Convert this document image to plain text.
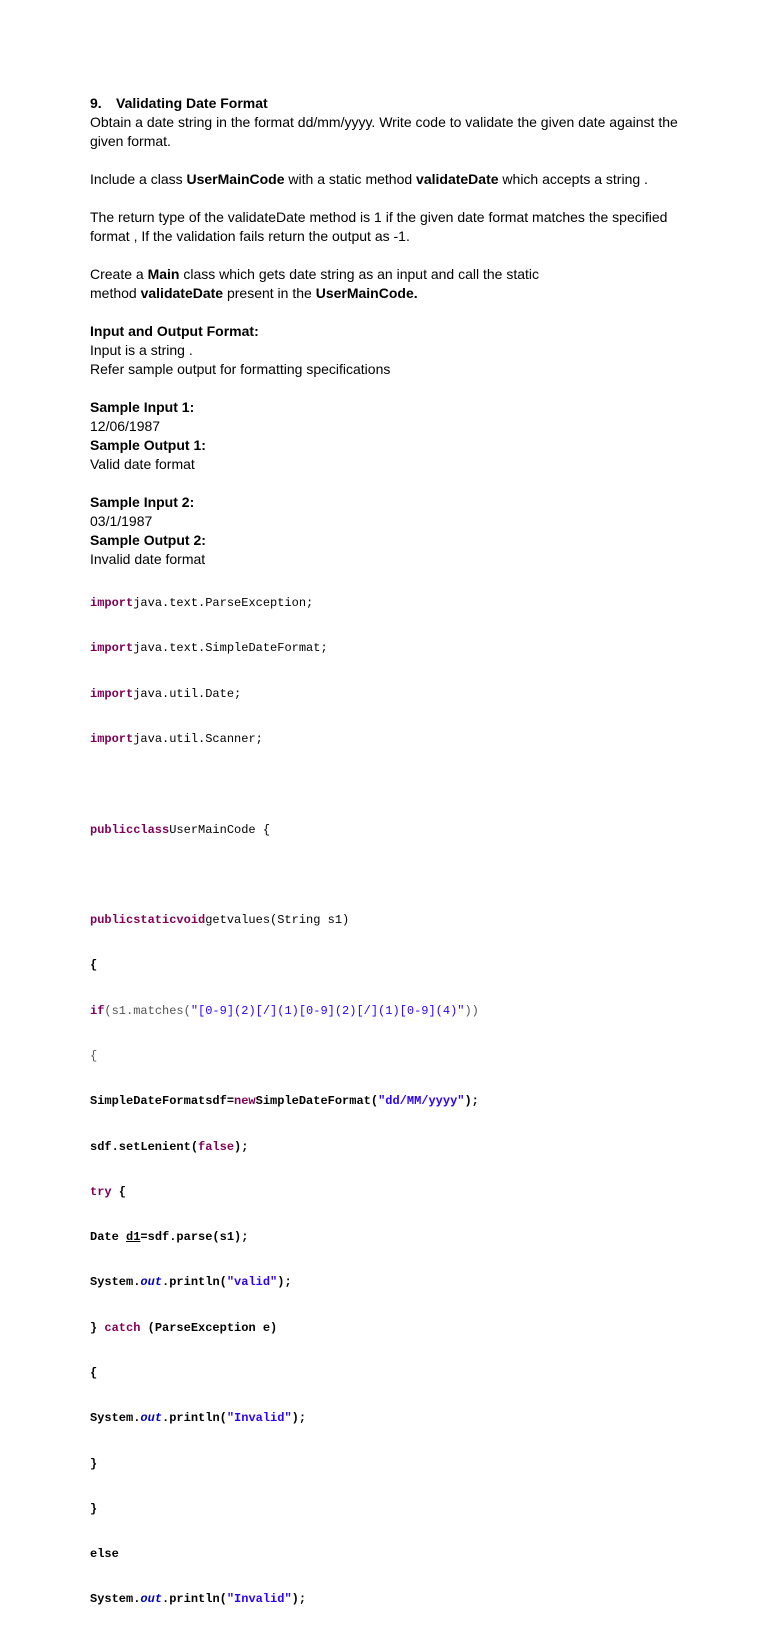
9. Validating Date Format

Obtain a date string in the format dd/mm/yyyy. Write code to validate the given date against the given format.

Include a class UserMainCode with a static method validateDate which accepts a string .

The return type of the validateDate method is 1 if the given date format matches the specified format , If the validation fails return the output as -1.

Create a Main class which gets date string as an input and call the static

method validateDate present in the UserMainCode.

Input and Output Format:

Input is a string .

Refer sample output for formatting specifications

Sample Input 1:

12/06/1987

Sample Output 1:

Valid date format

Sample Input 2:

03/1/1987

Sample Output 2:

Invalid date format

importjava.text.ParseException;

importjava.text.SimpleDateFormat;

importjava.util.Date;

importjava.util.Scanner;

publicclassUserMainCode {

publicstaticvoidgetvalues(String s1)

{

if(s1.matches("[0-9](2)[/](1)[0-9](2)[/](1)[0-9](4)"))

{

SimpleDateFormatsdf=newSimpleDateFormat("dd/MM/yyyy");

sdf.setLenient(false);

try {

Date d1=sdf.parse(s1);

System.out.println("valid");

} catch (ParseException e)

{

System.out.println("Invalid");

}

}

else

System.out.println("Invalid");
